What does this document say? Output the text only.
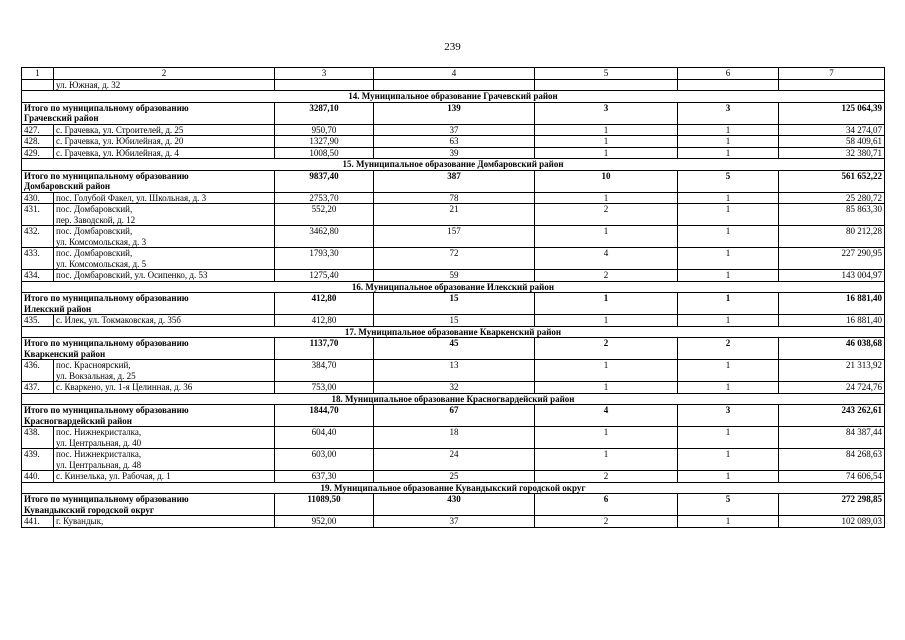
239
1	2	3	4	5	6	7
	ул. Южная, д. 32					
14. Муниципальное образование Грачевский район						
Итого по муниципальному образованию
Грачевский район		3287,10	139	3	3	125 064,39
427.	с. Грачевка, ул. Строителей, д. 25	950,70	37	1	1	34 274,07
428.	с. Грачевка, ул. Юбилейная, д. 20	1327,90	63	1	1	58 409,61
429.	с. Грачевка, ул. Юбилейная, д. 4	1008,50	39	1	1	32 380,71
15. Муниципальное образование Домбаровский район						
Итого по муниципальному образованию
Домбаровский район		9837,40	387	10	5	561 652,22
430.	пос. Голубой Факел, ул. Школьная, д. 3	2753,70	78	1	1	25 280,72
431.	пос. Домбаровский,
пер. Заводской, д. 12	552,20	21	2	1	85 863,30
432.	пос. Домбаровский,
ул. Комсомольская, д. 3	3462,80	157	1	1	80 212,28
433.	пос. Домбаровский,
ул. Комсомольская, д. 5	1793,30	72	4	1	227 290,95
434.	пос. Домбаровский, ул. Осипенко, д. 53	1275,40	59	2	1	143 004,97
16. Муниципальное образование Илекский район						
Итого по муниципальному образованию
Илекский район		412,80	15	1	1	16 881,40
435.	с. Илек, ул. Токмаковская, д. 35б	412,80	15	1	1	16 881,40
17. Муниципальное образование Кваркенский район						
Итого по муниципальному образованию
Кваркенский район		1137,70	45	2	2	46 038,68
436.	пос. Красноярский,
ул. Вокзальная, д. 25	384,70	13	1	1	21 313,92
437.	с. Кваркено, ул. 1-я Целинная, д. 36	753,00	32	1	1	24 724,76
18. Муниципальное образование Красногвардейский район						
Итого по муниципальному образованию
Красногвардейский район		1844,70	67	4	3	243 262,61
438.	пос. Нижнекристалка,
ул. Центральная, д. 40	604,40	18	1	1	84 387,44
439.	пос. Нижнекристалка,
ул. Центральная, д. 48	603,00	24	1	1	84 268,63
440.	с. Кинзелька, ул. Рабочая, д. 1	637,30	25	2	1	74 606,54
19. Муниципальное образование Кувандыкский городской округ						
Итого по муниципальному образованию
Кувандыкский городской округ		11089,50	430	6	5	272 298,85
441.	г. Кувандык,	952,00	37	2	1	102 089,03
